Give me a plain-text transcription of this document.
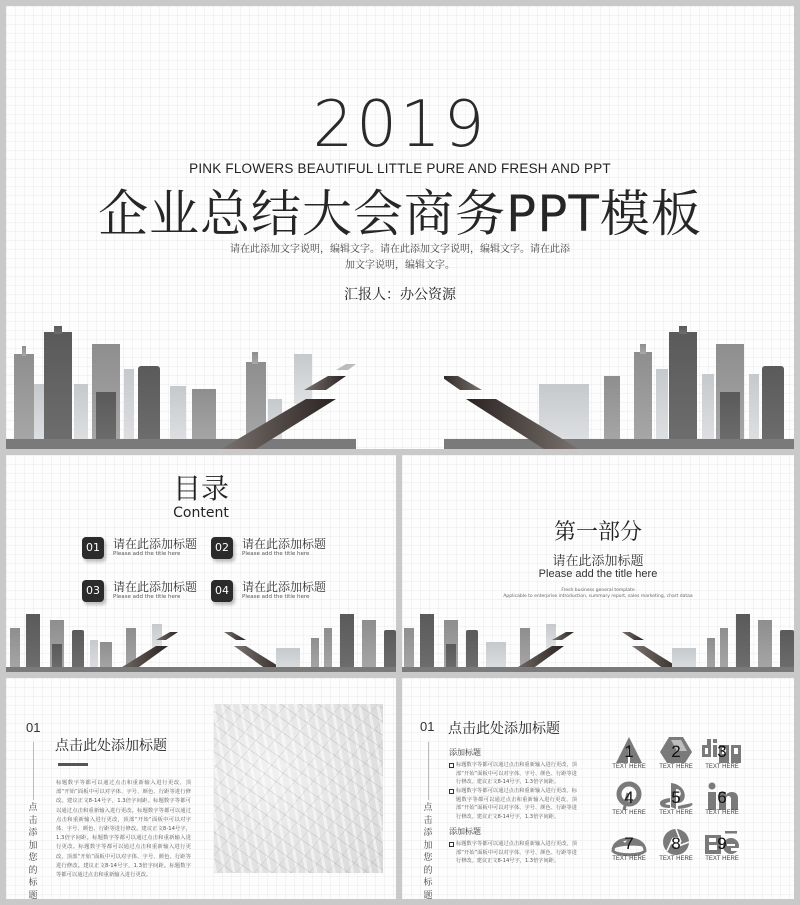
2019
PINK FLOWERS BEAUTIFUL LITTLE PURE AND FRESH AND PPT
企业总结大会商务PPT模板
请在此添加文字说明，编辑文字。请在此添加文字说明，编辑文字。请在此添
加文字说明，编辑文字。
汇报人：办公资源
目录
Content
01	请在此添加标题
Please add the title here	02	请在此添加标题
Please add the title here
03	请在此添加标题
Please add the title here	04	请在此添加标题
Please add the title here
第一部分
请在此添加标题
Please add the title here
Fresh business general template
Applicable to enterprise introduction, summary report, sales marketing, chart dataa
01
点击添加您的标题
点击此处添加标题
标题数字等都可以通过点击和重新输入进行更改，顶部“开始”面板中可以对字体、字号、颜色、行距等进行修改。建议正文8-14号字，1.3倍字间距。标题数字等都可以通过点击和重新输入进行更改。标题数字等都可以通过点击和重新输入进行更改，顶部“开始”面板中可以对字体、字号、颜色、行距等进行修改。建议正文8-14号字，1.3倍字间距。标题数字等都可以通过点击和重新输入进行更改。标题数字等都可以通过点击和重新输入进行更改，顶部“开始”面板中可以对字体、字号、颜色、行距等进行修改。建议正文8-14号字，1.3倍字间距。标题数字等都可以通过点击和重新输入进行更改。
01
点击添加您的标题
点击此处添加标题
添加标题
标题数字等都可以通过点击和重新输入进行更改，顶部“开始”面板中可以对字体、字号、颜色、行距等进行修改。建议正文8-14号字，1.3倍字间距。
标题数字等都可以通过点击和重新输入进行更改。标题数字等都可以通过点击和重新输入进行更改，顶部“开始”面板中可以对字体、字号、颜色、行距等进行修改。建议正文8-14号字，1.3倍字间距。
添加标题
标题数字等都可以通过点击和重新输入进行更改，顶部“开始”面板中可以对字体、字号、颜色、行距等进行修改。建议正文8-14号字，1.3倍字间距。
1
TEXT HERE
2
TEXT HERE
3
TEXT HERE
4
TEXT HERE
5
TEXT HERE
6
TEXT HERE
7
TEXT HERE
8
TEXT HERE
9
TEXT HERE
